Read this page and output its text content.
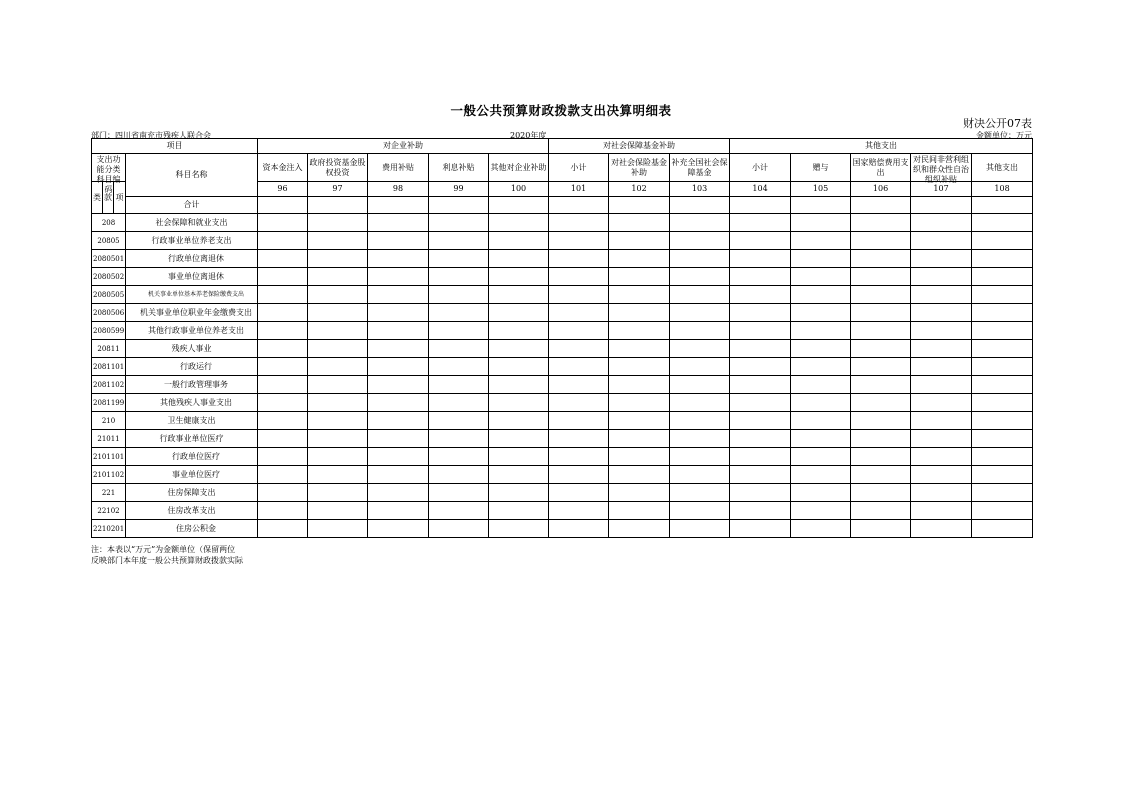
一般公共预算财政拨款支出决算明细表
财决公开07表
部门：四川省南充市残疾人联合会	2020年度	金额单位：万元
项目				对企业补助					对社会保障基金补助			其他支出				

支出功能分类科目编码			科目名称	资本金注入	政府投资基金股权投资	费用补贴	利息补贴	其他对企业补助	小计	对社会保险基金补助	补充全国社会保障基金	小计	赠与	国家赔偿费用支出	对民间非营利组织和群众性自治组织补贴	其他支出
类	款	项		96	97	98	99	100	101	102	103	104	105	106	107	108
			合计													
208			社会保障和就业支出													
20805			行政事业单位养老支出													
2080501			行政单位离退休													
2080502			事业单位离退休													
2080505			机关事业单位基本养老保险缴费支出													
2080506			机关事业单位职业年金缴费支出													
2080599			其他行政事业单位养老支出													
20811			残疾人事业													
2081101			行政运行													
2081102			一般行政管理事务													
2081199			其他残疾人事业支出													
210			卫生健康支出													
21011			行政事业单位医疗													
2101101			行政单位医疗													
2101102			事业单位医疗													
221			住房保障支出													
22102			住房改革支出													
2210201			住房公积金													
注：本表以“万元”为金额单位（保留两位
反映部门本年度一般公共预算财政拨款实际
